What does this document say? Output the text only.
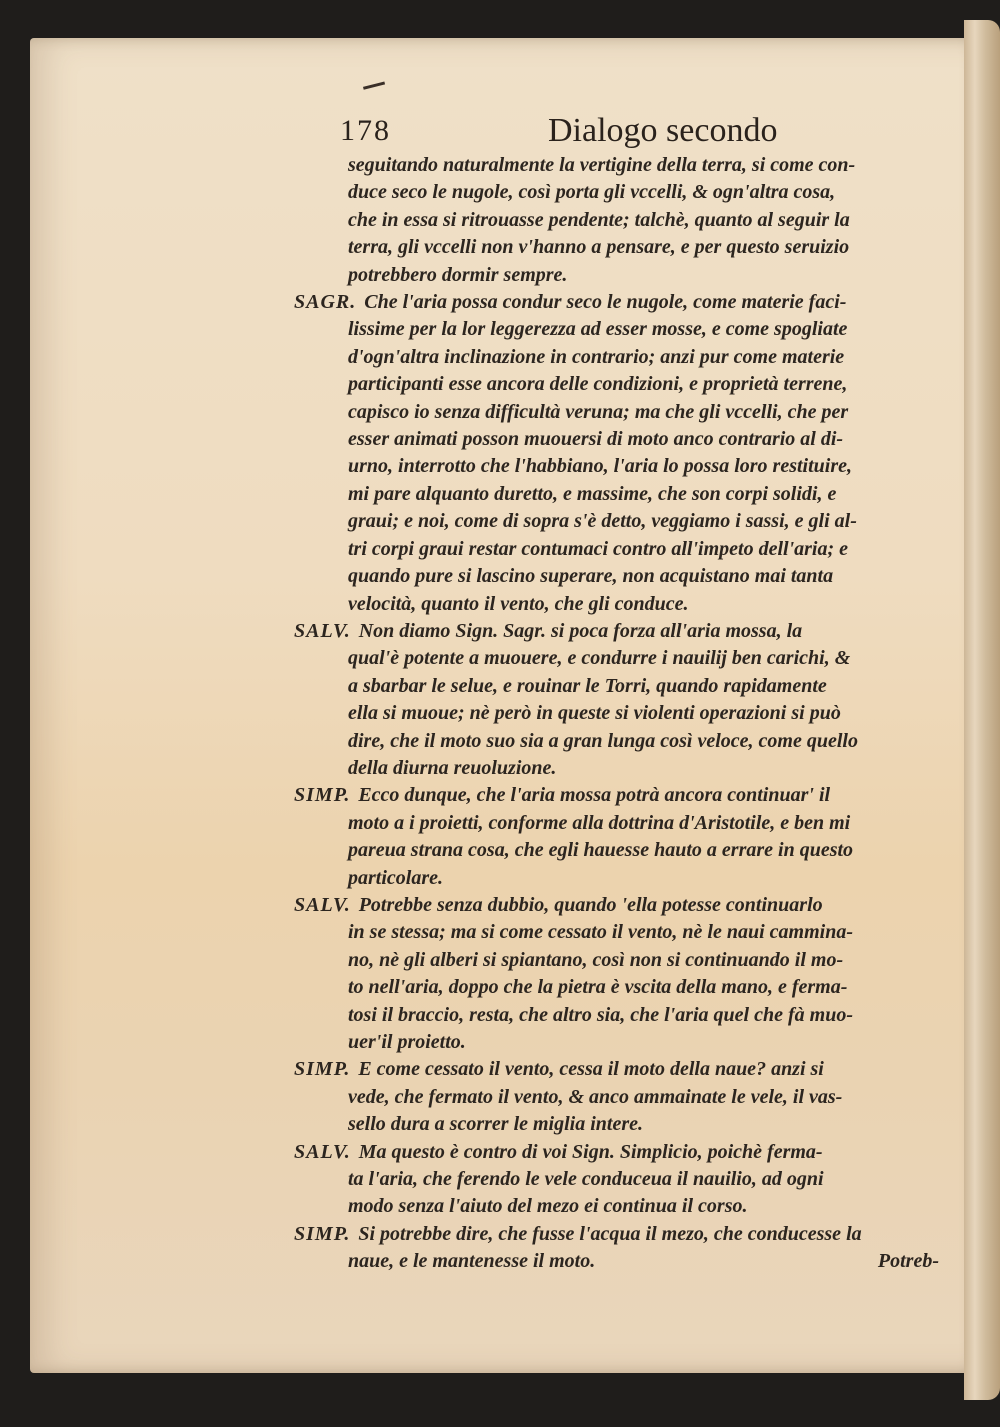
178	Dialogo secondo
seguitando naturalmente la vertigine della terra, si come con-
duce seco le nugole, così porta gli vccelli, & ogn'altra cosa,
che in essa si ritrouasse pendente; talchè, quanto al seguir la
terra, gli vccelli non v'hanno a pensare, e per questo seruizio
potrebbero dormir sempre.
SAGR. Che l'aria possa condur seco le nugole, come materie faci-
lissime per la lor leggerezza ad esser mosse, e come spogliate
d'ogn'altra inclinazione in contrario; anzi pur come materie
participanti esse ancora delle condizioni, e proprietà terrene,
capisco io senza difficultà veruna; ma che gli vccelli, che per
esser animati posson muouersi di moto anco contrario al di-
urno, interrotto che l'habbiano, l'aria lo possa loro restituire,
mi pare alquanto duretto, e massime, che son corpi solidi, e
graui; e noi, come di sopra s'è detto, veggiamo i sassi, e gli al-
tri corpi graui restar contumaci contro all'impeto dell'aria; e
quando pure si lascino superare, non acquistano mai tanta
velocità, quanto il vento, che gli conduce.
SALV. Non diamo Sign. Sagr. si poca forza all'aria mossa, la
qual'è potente a muouere, e condurre i nauilij ben carichi, &
a sbarbar le selue, e rouinar le Torri, quando rapidamente
ella si muoue; nè però in queste si violenti operazioni si può
dire, che il moto suo sia a gran lunga così veloce, come quello
della diurna reuoluzione.
SIMP. Ecco dunque, che l'aria mossa potrà ancora continuar' il
moto a i proietti, conforme alla dottrina d'Aristotile, e ben mi
pareua strana cosa, che egli hauesse hauto a errare in questo
particolare.
SALV. Potrebbe senza dubbio, quando 'ella potesse continuarlo
in se stessa; ma si come cessato il vento, nè le naui cammina-
no, nè gli alberi si spiantano, così non si continuando il mo-
to nell'aria, doppo che la pietra è vscita della mano, e ferma-
tosi il braccio, resta, che altro sia, che l'aria quel che fà muo-
uer'il proietto.
SIMP. E come cessato il vento, cessa il moto della naue? anzi si
vede, che fermato il vento, & anco ammainate le vele, il vas-
sello dura a scorrer le miglia intere.
SALV. Ma questo è contro di voi Sign. Simplicio, poichè ferma-
ta l'aria, che ferendo le vele conduceua il nauilio, ad ogni
modo senza l'aiuto del mezo ei continua il corso.
SIMP. Si potrebbe dire, che fusse l'acqua il mezo, che conducesse la
naue, e le mantenesse il moto.	Potreb-
